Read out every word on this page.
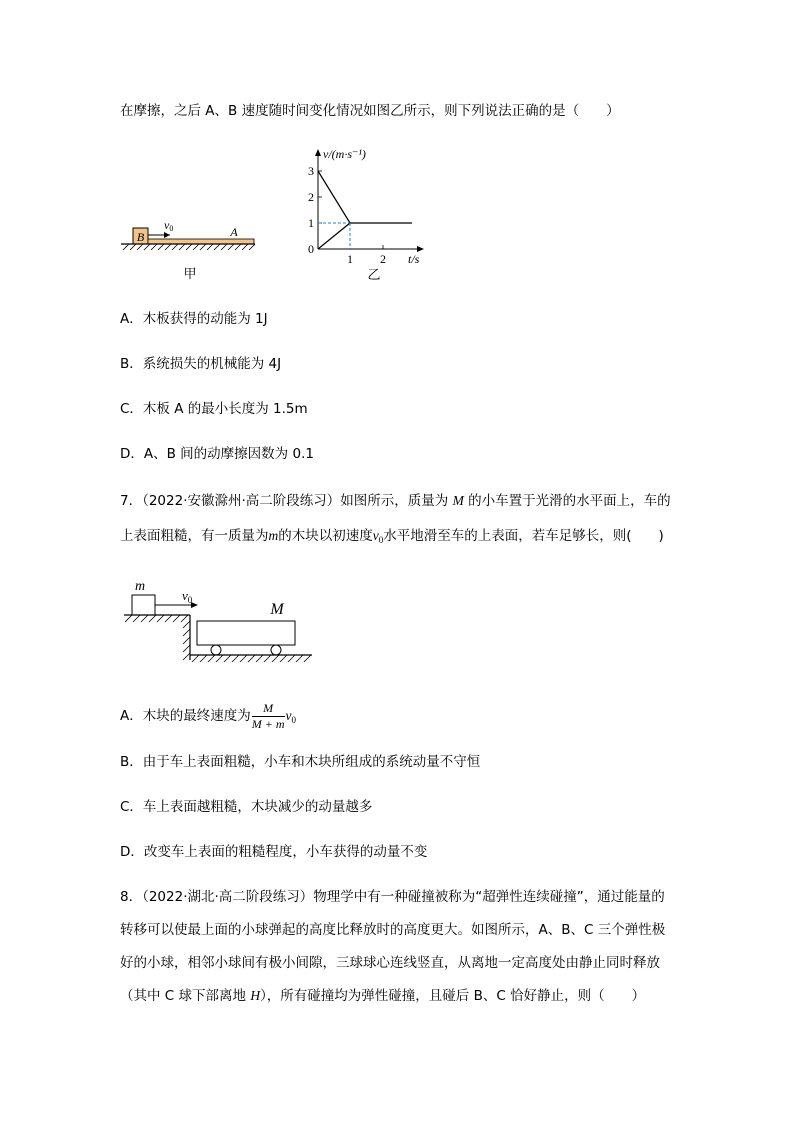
在摩擦，之后 A、B 速度随时间变化情况如图乙所示，则下列说法正确的是（　　）
B	A
v0
甲
v/(m·s⁻¹)
0
1
2
3
1 2 t/s
乙
A．木板获得的动能为 1J
B．系统损失的机械能为 4J
C．木板 A 的最小长度为 1.5m
D．A、B 间的动摩擦因数为 0.1
7．（2022·安徽滁州·高二阶段练习）如图所示，质量为 M 的小车置于光滑的水平面上，车的
上表面粗糙，有一质量为m的木块以初速度$v_0$水平地滑至车的上表面，若车足够长，则(　　)
m
$v_0$
M
A．木块的最终速度为 $\frac{M}{M + m} v_0$
B．由于车上表面粗糙，小车和木块所组成的系统动量不守恒
C．车上表面越粗糙，木块减少的动量越多
D．改变车上表面的粗糙程度，小车获得的动量不变
8．（2022·湖北·高二阶段练习）物理学中有一种碰撞被称为“超弹性连续碰撞”，通过能量的
转移可以使最上面的小球弹起的高度比释放时的高度更大。如图所示，A、B、C 三个弹性极
好的小球，相邻小球间有极小间隙，三球球心连线竖直，从离地一定高度处由静止同时释放
（其中 C 球下部离地 H），所有碰撞均为弹性碰撞，且碰后 B、C 恰好静止，则（　　）
